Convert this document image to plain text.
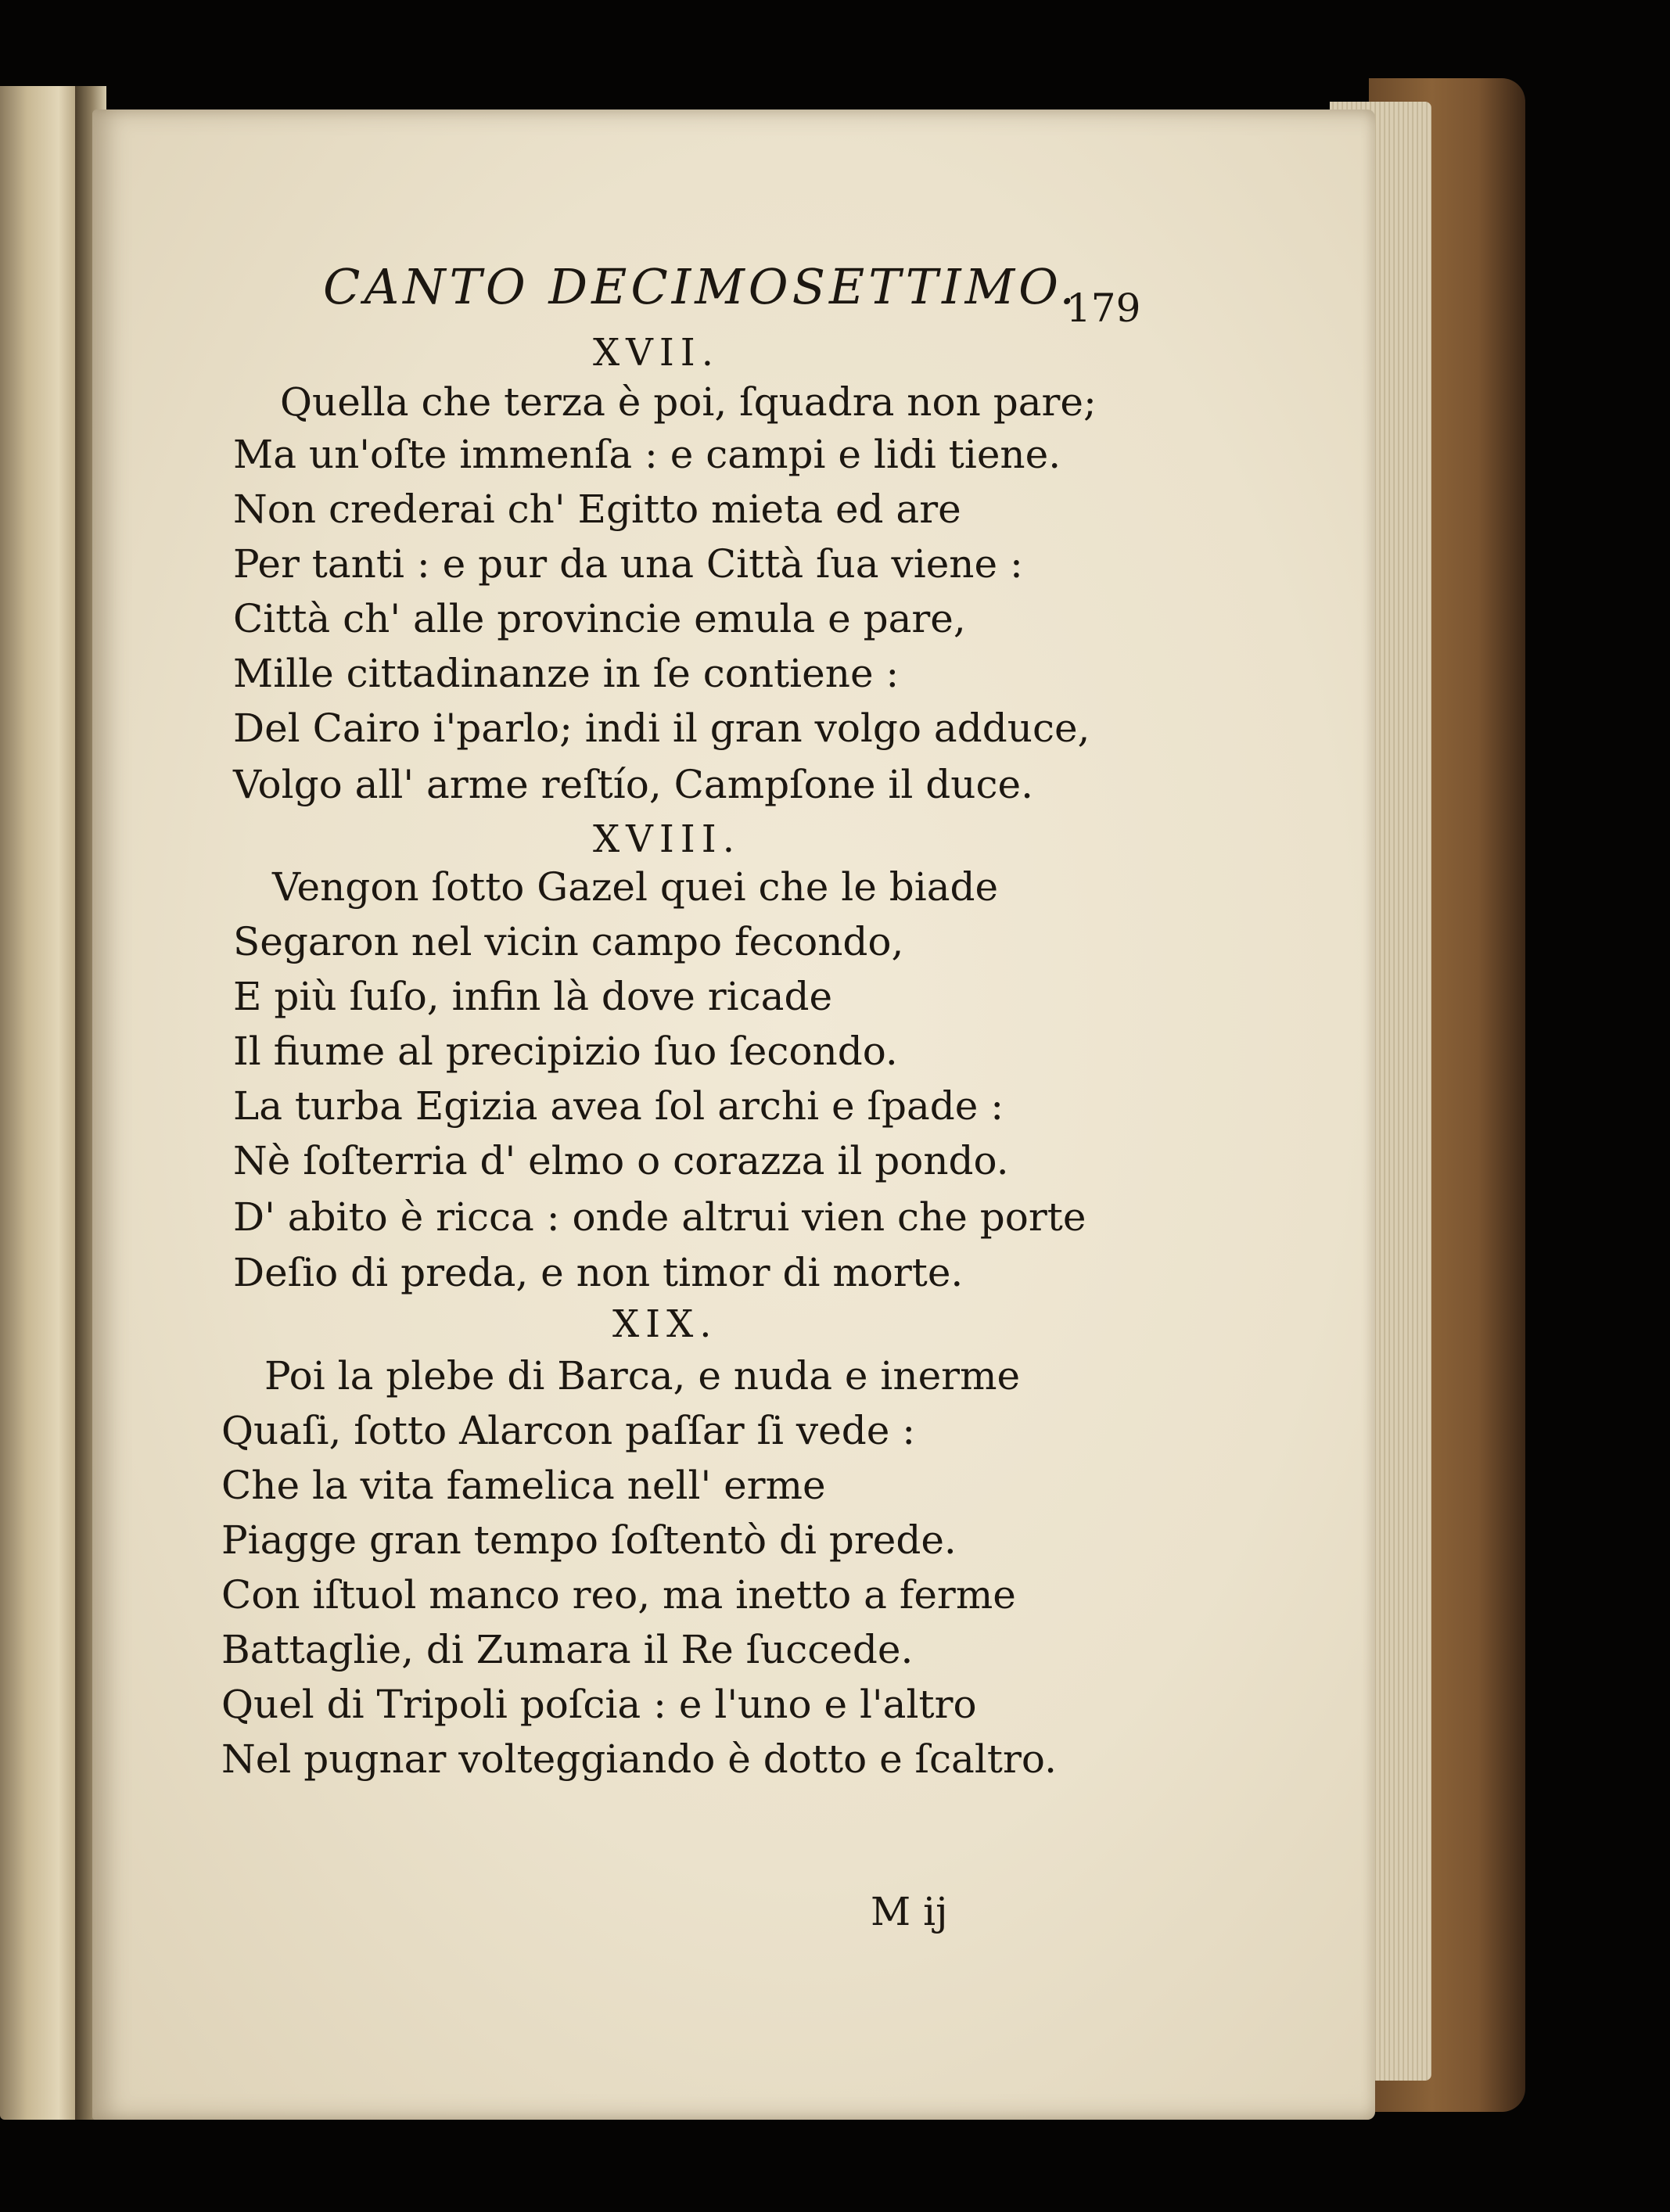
CANTO DECIMOSETTIMO.
179
XVII.
Quella che terza è poi, ſquadra non pare;
Ma un'oſte immenſa : e campi e lidi tiene.
Non crederai ch' Egitto mieta ed are
Per tanti : e pur da una Città ſua viene :
Città ch' alle provincie emula e pare,
Mille cittadinanze in ſe contiene :
Del Cairo i'parlo; indi il gran volgo adduce,
Volgo all' arme reſtío, Campſone il duce.
XVIII.
Vengon ſotto Gazel quei che le biade
Segaron nel vicin campo fecondo,
E più ſuſo, infin là dove ricade
Il fiume al precipizio ſuo ſecondo.
La turba Egizia avea ſol archi e ſpade :
Nè ſoſterria d' elmo o corazza il pondo.
D' abito è ricca : onde altrui vien che porte
Deſio di preda, e non timor di morte.
XIX.
Poi la plebe di Barca, e nuda e inerme
Quaſi, ſotto Alarcon paſſar ſi vede :
Che la vita famelica nell' erme
Piagge gran tempo ſoſtentò di prede.
Con iſtuol manco reo, ma inetto a ferme
Battaglie, di Zumara il Re ſuccede.
Quel di Tripoli poſcia : e l'uno e l'altro
Nel pugnar volteggiando è dotto e ſcaltro.
M ij
